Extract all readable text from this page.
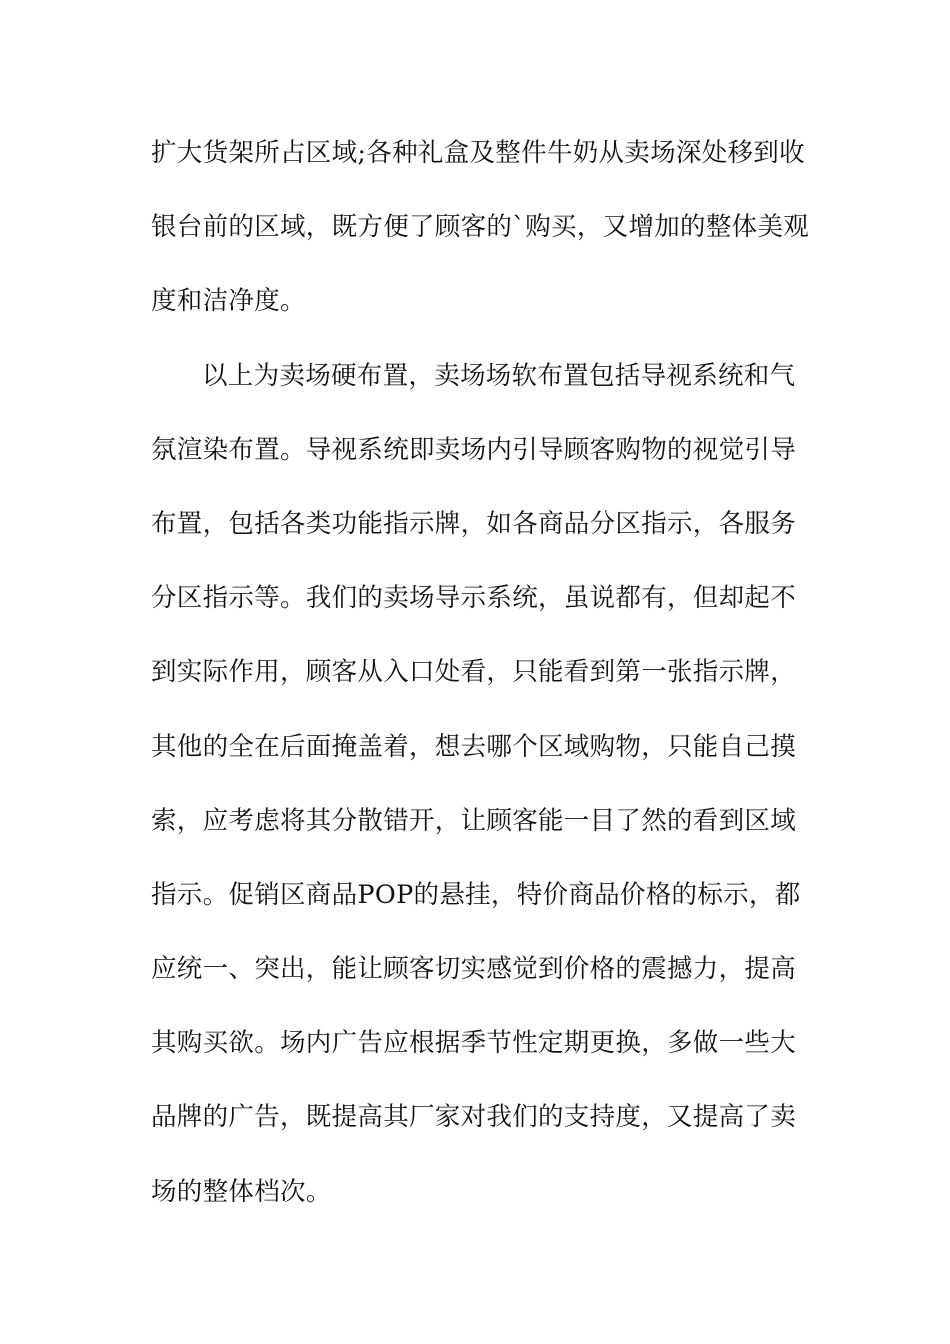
扩大货架所占区域;各种礼盒及整件牛奶从卖场深处移到收
银台前的区域，既方便了顾客的`购买，又增加的整体美观
度和洁净度。
以上为卖场硬布置，卖场场软布置包括导视系统和气
氛渲染布置。导视系统即卖场内引导顾客购物的视觉引导
布置，包括各类功能指示牌，如各商品分区指示，各服务
分区指示等。我们的卖场导示系统，虽说都有，但却起不
到实际作用，顾客从入口处看，只能看到第一张指示牌，
其他的全在后面掩盖着，想去哪个区域购物，只能自己摸
索，应考虑将其分散错开，让顾客能一目了然的看到区域
指示。促销区商品POP的悬挂，特价商品价格的标示，都
应统一、突出，能让顾客切实感觉到价格的震撼力，提高
其购买欲。场内广告应根据季节性定期更换，多做一些大
品牌的广告，既提高其厂家对我们的支持度，又提高了卖
场的整体档次。
